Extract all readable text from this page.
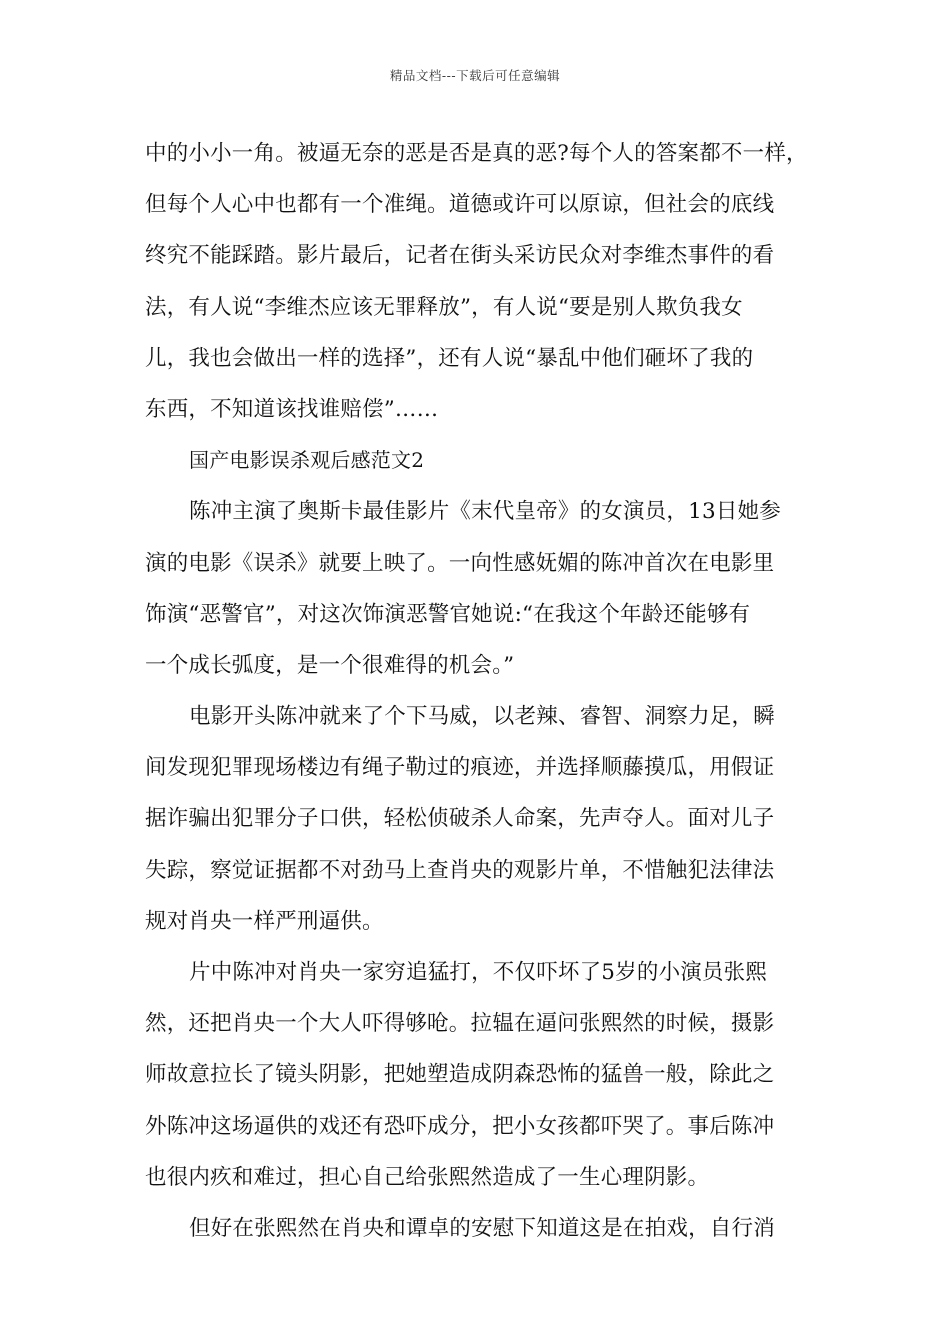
精品文档---下载后可任意编辑
中的小小一角。被逼无奈的恶是否是真的恶?每个人的答案都不一样，
但每个人心中也都有一个准绳。道德或许可以原谅，但社会的底线
终究不能踩踏。影片最后，记者在街头采访民众对李维杰事件的看
法，有人说“李维杰应该无罪释放”，有人说“要是别人欺负我女
儿，我也会做出一样的选择”，还有人说“暴乱中他们砸坏了我的
东西，不知道该找谁赔偿”……
国产电影误杀观后感范文2
陈冲主演了奥斯卡最佳影片《末代皇帝》的女演员，13日她参
演的电影《误杀》就要上映了。一向性感妩媚的陈冲首次在电影里
饰演“恶警官”，对这次饰演恶警官她说:“在我这个年龄还能够有
一个成长弧度，是一个很难得的机会。”
电影开头陈冲就来了个下马威，以老辣、睿智、洞察力足，瞬
间发现犯罪现场楼边有绳子勒过的痕迹，并选择顺藤摸瓜，用假证
据诈骗出犯罪分子口供，轻松侦破杀人命案，先声夺人。面对儿子
失踪，察觉证据都不对劲马上查肖央的观影片单，不惜触犯法律法
规对肖央一样严刑逼供。
片中陈冲对肖央一家穷追猛打，不仅吓坏了5岁的小演员张熙
然，还把肖央一个大人吓得够呛。拉辒在逼问张熙然的时候，摄影
师故意拉长了镜头阴影，把她塑造成阴森恐怖的猛兽一般，除此之
外陈冲这场逼供的戏还有恐吓成分，把小女孩都吓哭了。事后陈冲
也很内疚和难过，担心自己给张熙然造成了一生心理阴影。
但好在张熙然在肖央和谭卓的安慰下知道这是在拍戏，自行消
